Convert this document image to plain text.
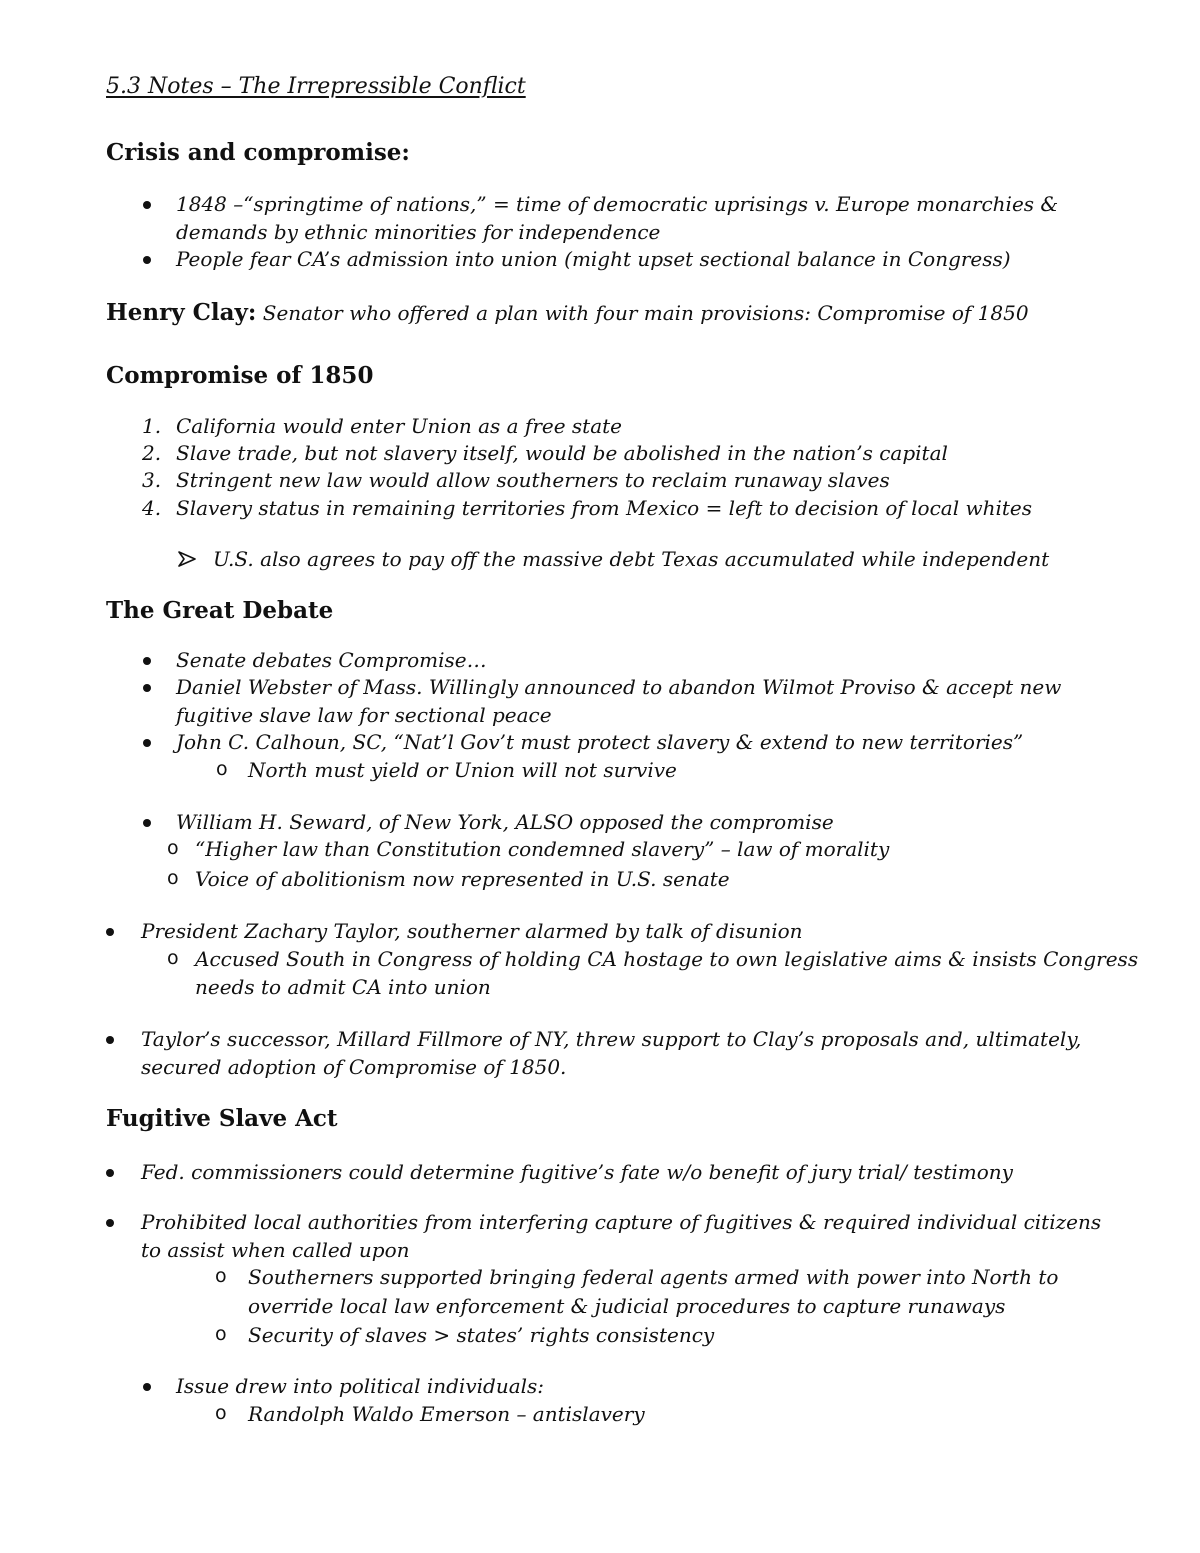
5.3 Notes – The Irrepressible Conflict
Crisis and compromise:
1848 –“springtime of nations,” = time of democratic uprisings v. Europe monarchies &
demands by ethnic minorities for independence
People fear CA’s admission into union (might upset sectional balance in Congress)
Henry Clay: Senator who offered a plan with four main provisions: Compromise of 1850
Compromise of 1850
1. California would enter Union as a free state
2. Slave trade, but not slavery itself, would be abolished in the nation’s capital
3. Stringent new law would allow southerners to reclaim runaway slaves
4. Slavery status in remaining territories from Mexico = left to decision of local whites
U.S. also agrees to pay off the massive debt Texas accumulated while independent
The Great Debate
Senate debates Compromise…
Daniel Webster of Mass. Willingly announced to abandon Wilmot Proviso & accept new
fugitive slave law for sectional peace
John C. Calhoun, SC, “Nat’l Gov’t must protect slavery & extend to new territories”
o North must yield or Union will not survive
William H. Seward, of New York, ALSO opposed the compromise
o “Higher law than Constitution condemned slavery” – law of morality
o Voice of abolitionism now represented in U.S. senate
President Zachary Taylor, southerner alarmed by talk of disunion
o Accused South in Congress of holding CA hostage to own legislative aims & insists Congress
needs to admit CA into union
Taylor’s successor, Millard Fillmore of NY, threw support to Clay’s proposals and, ultimately,
secured adoption of Compromise of 1850.
Fugitive Slave Act
Fed. commissioners could determine fugitive’s fate w/o benefit of jury trial/ testimony
Prohibited local authorities from interfering capture of fugitives & required individual citizens
to assist when called upon
o Southerners supported bringing federal agents armed with power into North to
override local law enforcement & judicial procedures to capture runaways
o Security of slaves > states’ rights consistency
Issue drew into political individuals:
o Randolph Waldo Emerson – antislavery
